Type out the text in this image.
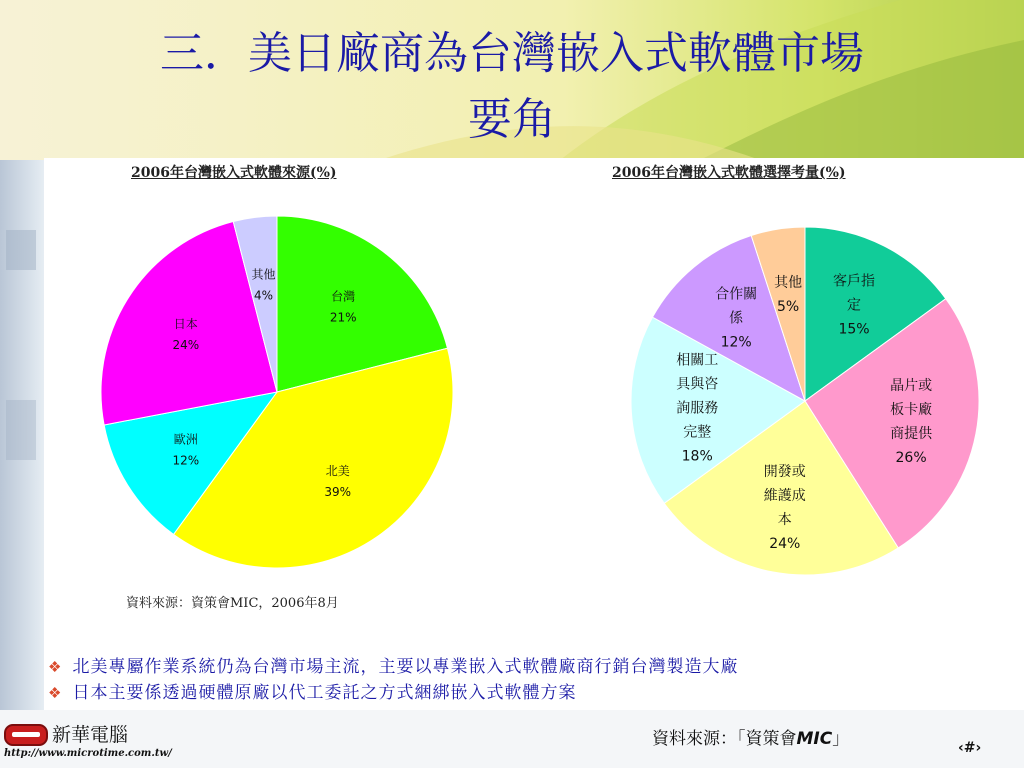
三．美日廠商為台灣嵌入式軟體市場
要角
2006年台灣嵌入式軟體來源(%)	2006年台灣嵌入式軟體選擇考量(%)
台灣 21%
北美 39%
歐洲 12%
日本 24%
其他 4%
客戶指定 15%
晶片或板卡廠商提供 26%
開發或維護成本 24%
相關工具與咨詢服務完整 18%
合作關係 12%
其他 5%
資料來源：資策會MIC，2006年8月
❖ 北美專屬作業系統仍為台灣市場主流，主要以專業嵌入式軟體廠商行銷台灣製造大廠
❖ 日本主要係透過硬體原廠以代工委託之方式綑綁嵌入式軟體方案
新華電腦
http://www.microtime.com.tw/
資料來源：「資策會MIC」	‹#›
